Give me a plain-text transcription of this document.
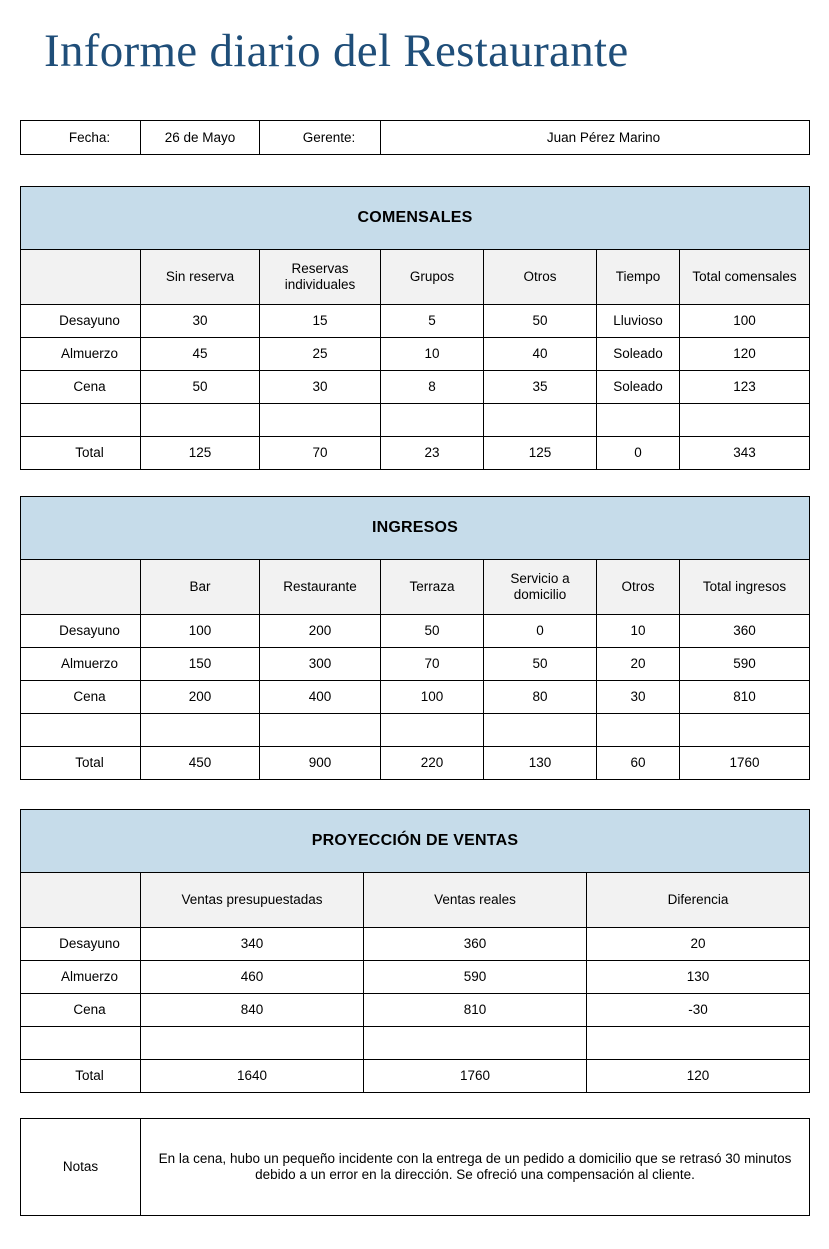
Informe diario del Restaurante
Fecha:	26 de Mayo	Gerente:	Juan Pérez Marino
COMENSALES						
	Sin reserva	Reservas individuales	Grupos	Otros	Tiempo	Total comensales
Desayuno	30	15	5	50	Lluvioso	100
Almuerzo	45	25	10	40	Soleado	120
Cena	50	30	8	35	Soleado	123

Total	125	70	23	125	0	343
INGRESOS						
	Bar	Restaurante	Terraza	Servicio a domicilio	Otros	Total ingresos
Desayuno	100	200	50	0	10	360
Almuerzo	150	300	70	50	20	590
Cena	200	400	100	80	30	810

Total	450	900	220	130	60	1760
PROYECCIÓN DE VENTAS			
	Ventas presupuestadas	Ventas reales	Diferencia
Desayuno	340	360	20
Almuerzo	460	590	130
Cena	840	810	-30

Total	1640	1760	120
Notas	En la cena, hubo un pequeño incidente con la entrega de un pedido a domicilio que se retrasó 30 minutos debido a un error en la dirección. Se ofreció una compensación al cliente.
